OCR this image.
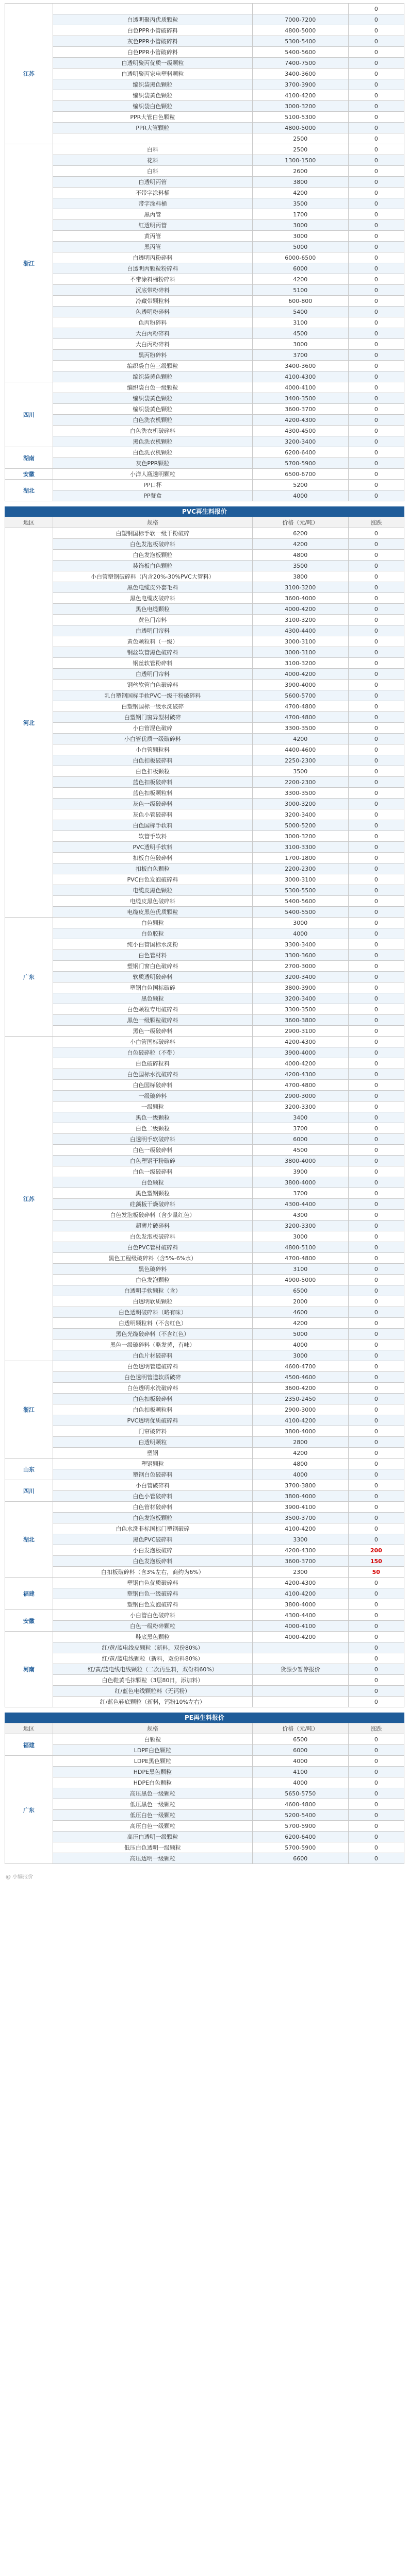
江苏			0
	白透明聚丙优质颗粒	7000-7200	0
	白色PPR小管破碎料	4800-5000	0
	灰色PPR小管破碎料	5300-5400	0
	白色PPR小管破碎料	5400-5600	0
	白透明聚丙优质一级颗粒	7400-7500	0
	白透明聚丙家电塑料颗粒	3400-3600	0
	编织袋黑色颗粒	3700-3900	0
	编织袋黄色颗粒	4100-4200	0
	编织袋白色颗粒	3000-3200	0
	PPR大管白色颗粒	5100-5300	0
	PPR大管颗粒	4800-5000	0
		2500	0
浙江	白料	2500	0
	花料	1300-1500	0
	白料	2600	0
	白透明丙管	3800	0
	不带字涂料桶	4200	0
	带字涂料桶	3500	0
	黑丙管	1700	0
	红透明丙管	3000	0
	黄丙管	3000	0
	黑丙管	5000	0
	白透明丙粉碎料	6000-6500	0
	白透明丙颗粒粉碎料	6000	0
	不带涂料桶粉碎料	4200	0
	沉底带粉碎料	5100	0
	冷藏带颗粒料	600-800	0
	色透明粉碎料	5400	0
	色丙粉碎料	3100	0
	大白丙粉碎料	4500	0
	大白丙粉碎料	3000	0
	黑丙粉碎料	3700	0
	编织袋白色三级颗粒	3400-3600	0
	编织袋黄色颗粒	4100-4300	0
四川	编织袋白色一级颗粒	4000-4100	0
	编织袋黄色颗粒	3400-3500	0
	编织袋黄色颗粒	3600-3700	0
	白色洗衣机颗粒	4200-4300	0
	白色洗衣机破碎料	4300-4500	0
	黑色洗衣机颗粒	3200-3400	0
湖南	白色洗衣机颗粒	6200-6400	0
	灰色PPR颗粒	5700-5900	0
安徽	小洋人瓶透明颗粒	6500-6700	0
湖北	PP口杯	5200	0
	PP餐盒	4000	0
PVC再生料报价
地区	规格	价格（元/吨）	涨跌
河北	白塑钢国标手软一级干粉破碎	6200	0
	白色发泡板破碎料	4200	0
	白色发泡板颗粒	4800	0
	装饰板白色颗粒	3500	0
	小白管塑钢破碎料（内含20%-30%PVC大管料）	3800	0
	黑色电缆皮外套毛料	3100-3200	0
	黑色电缆皮破碎料	3600-4000	0
	黑色电缆颗粒	4000-4200	0
	黄色门帘料	3100-3200	0
	白透明门帘料	4300-4400	0
	黄色颗粒料（一级）	3000-3100	0
	钢丝软管黑色破碎料	3000-3100	0
	钢丝软管粉碎料	3100-3200	0
	白透明门帘料	4000-4200	0
	钢丝软管白色破碎料	3900-4000	0
	乳白塑钢国标手软PVC一级干粉破碎料	5600-5700	0
	白塑钢国标一级水洗破碎	4700-4800	0
	白塑钢门窗异型材破碎	4700-4800	0
	小白管混色破碎	3300-3500	0
	小白管优质一级破碎料	4200	0
	小白管颗粒料	4400-4600	0
	白色扣板破碎料	2250-2300	0
	白色扣板颗粒	3500	0
	蓝色扣板破碎料	2200-2300	0
	蓝色扣板颗粒料	3300-3500	0
	灰色一级破碎料	3000-3200	0
	灰色小管破碎料	3200-3400	0
	白色国标手软料	5000-5200	0
	软管手软料	3000-3200	0
	PVC透明手软料	3100-3300	0
	扣板白色破碎料	1700-1800	0
	扣板白色颗粒	2200-2300	0
	PVC白色发泡破碎料	3000-3100	0
	电缆皮黑色颗粒	5300-5500	0
	电缆皮黑色破碎料	5400-5600	0
	电缆皮黑色优质颗粒	5400-5500	0
广东	白色颗粒	3000	0
	白色胶粒	4000	0
	纯小白管国标水洗粉	3300-3400	0
	白色管材料	3300-3600	0
	塑钢门窗白色破碎料	2700-3000	0
	软质透明破碎料	3200-3400	0
	塑钢白色国标破碎	3800-3900	0
	黑色颗粒	3200-3400	0
	白色颗粒专用破碎料	3300-3500	0
	黑色一级颗粒破碎料	3600-3800	0
	黑色一级破碎料	2900-3100	0
江苏	小白管国标破碎料	4200-4300	0
	白色破碎粒（不带）	3900-4000	0
	白色破碎粒料	4000-4200	0
	白色国标水洗破碎料	4200-4300	0
	白色国标破碎料	4700-4800	0
	一级破碎料	2900-3000	0
	一级颗粒	3200-3300	0
	黑色一级颗粒	3400	0
	白色二级颗粒	3700	0
	白透明手软破碎料	6000	0
	白色一级破碎料	4500	0
	白色塑钢干粉破碎	3800-4000	0
	白色一级破碎料	3900	0
	白色颗粒	3800-4000	0
	黑色塑钢颗粒	3700	0
	硅藻板干燥破碎料	4300-4400	0
	白色发泡板破碎料（含少量红色）	4300	0
	超薄片破碎料	3200-3300	0
	白色发泡板破碎料	3000	0
	白色PVC管材破碎料	4800-5100	0
	黑色工程级破碎料（含5%-6%水）	4700-4800	0
	黑色破碎料	3100	0
	白色发泡颗粒	4900-5000	0
	白透明手软颗粒（含）	6500	0
	白透明软质颗粒	2000	0
	白色透明破碎料（略有味）	4600	0
	白透明颗粒料（不含红色）	4200	0
	黑色光缆破碎料（不含红色）	5000	0
	黑色一级破碎料（略发黄，有味）	4000	0
	白色片材破碎料	3000	0
浙江	白色透明管道破碎料	4600-4700	0
	白色透明管道软质破碎	4500-4600	0
	白色透明水洗破碎料	3600-4200	0
	白色扣板破碎料	2350-2450	0
	白色扣板颗粒料	2900-3000	0
	PVC透明优质破碎料	4100-4200	0
	门帘破碎料	3800-4000	0
	白透明颗粒	2800	0
	塑钢	4200	0
山东	塑钢颗粒	4800	0
	塑钢白色破碎料	4000	0
四川	小白管破碎料	3700-3800	0
	白色小管破碎料	3800-4000	0
湖北	白色管材破碎料	3900-4100	0
	白色发泡板颗粒	3500-3700	0
	白色水洗非标国标门塑钢破碎	4100-4200	0
	黑色PVC破碎料	3300	0
	小白发泡板破碎	4200-4300	200
	白色发泡板碎料	3600-3700	150
	白扣板破碎料（含3%左右，商约为6%）	2300	50
福建	塑钢白色优质破碎料	4200-4300	0
	塑钢白色一级破碎料	4100-4200	0
	塑钢白色发泡破碎料	3800-4000	0
安徽	小白管白色破碎料	4300-4400	0
	白色一级粉碎颗粒	4000-4100	0
河南	鞋底黑色颗粒	4000-4200	0
	红/黄/蓝电线皮颗粒（新料，双份80%）		0
	红/黄/蓝电线颗粒（新料，双份料80%）		0
	红/黄/蓝电线电线颗粒（二次再生料，双份料60%）	货源少暂停报价	0
	白色鞋黄毛抹颗粒（3层80日，添加料）		0
	红/蓝色电线颗粒料（无钙粉）		0
	红/蓝色鞋底颗粒（新料，钙粉10%左右）		0
PE再生料报价
地区	规格	价格（元/吨）	涨跌
福建	白颗粒	6500	0
	LDPE白色颗粒	6000	0
广东	LDPE黑色颗粒	4000	0
	HDPE黑色颗粒	4100	0
	HDPE白色颗粒	4000	0
	高压黑色一级颗粒	5650-5750	0
	低压黑色一级颗粒	4600-4800	0
	低压白色一级颗粒	5200-5400	0
	高压白色一级颗粒	5700-5900	0
	高压白透明一级颗粒	6200-6400	0
	低压白色透明一级颗粒	5700-5900	0
	高压透明一级颗粒	6600	0
@ 小编报价
